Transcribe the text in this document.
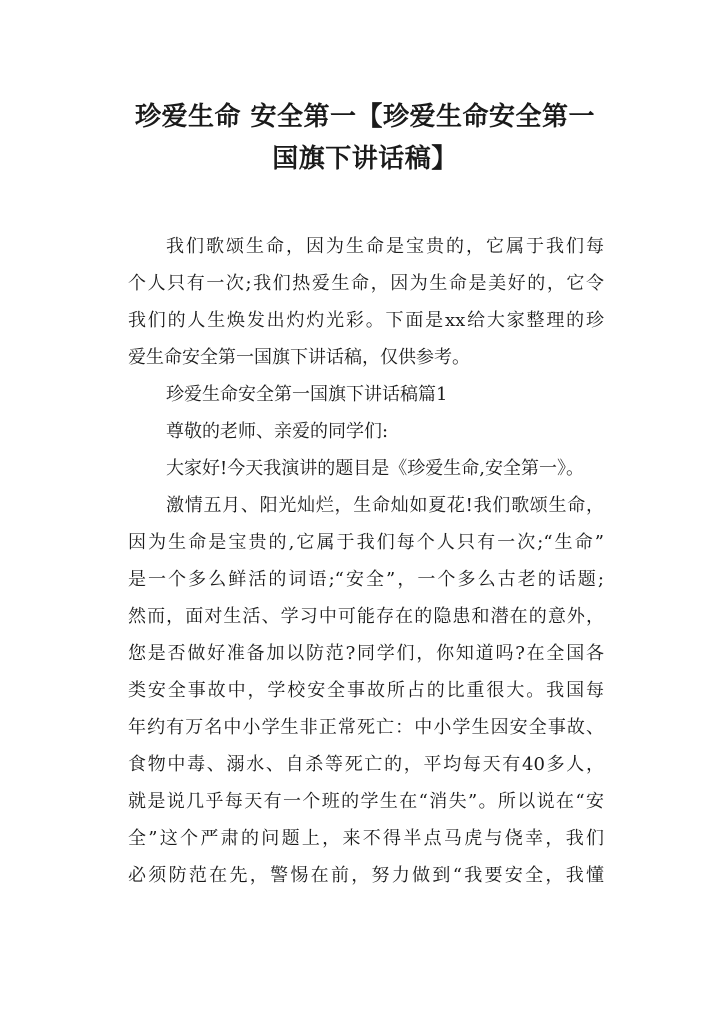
珍爱生命 安全第一【珍爱生命安全第一
国旗下讲话稿】
我们歌颂生命，因为生命是宝贵的，它属于我们每
个人只有一次;我们热爱生命，因为生命是美好的，它令
我们的人生焕发出灼灼光彩。下面是xx给大家整理的珍
爱生命安全第一国旗下讲话稿，仅供参考。
珍爱生命安全第一国旗下讲话稿篇1
尊敬的老师、亲爱的同学们:
大家好!今天我演讲的题目是《珍爱生命,安全第一》。
激情五月、阳光灿烂，生命灿如夏花!我们歌颂生命，
因为生命是宝贵的,它属于我们每个人只有一次;“生命”
是一个多么鲜活的词语;“安全”，一个多么古老的话题;
然而，面对生活、学习中可能存在的隐患和潜在的意外，
您是否做好准备加以防范?同学们，你知道吗?在全国各
类安全事故中，学校安全事故所占的比重很大。我国每
年约有万名中小学生非正常死亡：中小学生因安全事故、
食物中毒、溺水、自杀等死亡的，平均每天有40多人，
就是说几乎每天有一个班的学生在“消失”。所以说在“安
全”这个严肃的问题上，来不得半点马虎与侥幸，我们
必须防范在先，警惕在前，努力做到“我要安全，我懂
